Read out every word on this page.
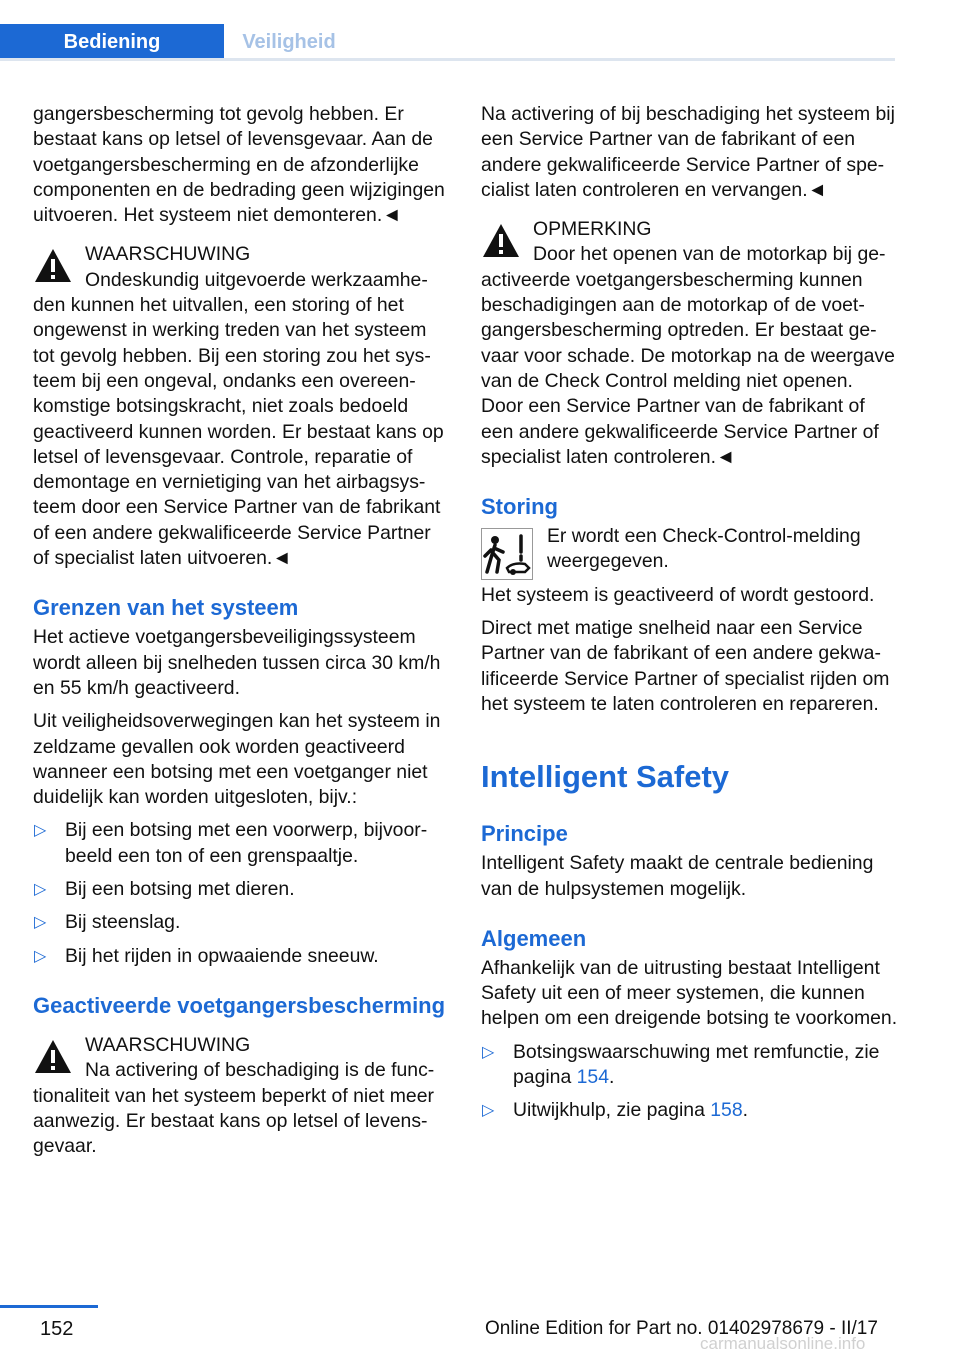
Bediening	Veiligheid

gangersbescherming tot gevolg hebben. Er bestaat kans op letsel of levensgevaar. Aan de voetgangersbescherming en de afzonderlijke componenten en de bedrading geen wijzigingen uitvoeren. Het systeem niet demonteren.◄

WAARSCHUWING
Ondeskundig uitgevoerde werkzaamheden kunnen het uitvallen, een storing of het ongewenst in werking treden van het systeem tot gevolg hebben. Bij een storing zou het systeem bij een ongeval, ondanks een overeenkomstige botsingskracht, niet zoals bedoeld geactiveerd kunnen worden. Er bestaat kans op letsel of levensgevaar. Controle, reparatie of demontage en vernietiging van het airbagsysteem door een Service Partner van de fabrikant of een andere gekwalificeerde Service Partner of specialist laten uitvoeren.◄
Grenzen van het systeem

Het actieve voetgangersbeveiligingssysteem wordt alleen bij snelheden tussen circa 30 km/h en 55 km/h geactiveerd.

Uit veiligheidsoverwegingen kan het systeem in zeldzame gevallen ook worden geactiveerd wanneer een botsing met een voetganger niet duidelijk kan worden uitgesloten, bijv.:

▷ Bij een botsing met een voorwerp, bijvoorbeeld een ton of een grenspaaltje.
▷ Bij een botsing met dieren.
▷ Bij steenslag.
▷ Bij het rijden in opwaaiende sneeuw.
Geactiveerde voetgangersbescherming
WAARSCHUWING
Na activering of beschadiging is de functionaliteit van het systeem beperkt of niet meer aanwezig. Er bestaat kans op letsel of levensgevaar.

Na activering of bij beschadiging het systeem bij een Service Partner van de fabrikant of een andere gekwalificeerde Service Partner of specialist laten controleren en vervangen.◄

OPMERKING
Door het openen van de motorkap bij geactiveerde voetgangersbescherming kunnen beschadigingen aan de motorkap of de voetgangersbescherming optreden. Er bestaat gevaar voor schade. De motorkap na de weergave van de Check Control melding niet openen. Door een Service Partner van de fabrikant of een andere gekwalificeerde Service Partner of specialist laten controleren.◄
Storing
Er wordt een Check-Control-melding weergegeven.
Het systeem is geactiveerd of wordt gestoord.

Direct met matige snelheid naar een Service Partner van de fabrikant of een andere gekwalificeerde Service Partner of specialist rijden om het systeem te laten controleren en repareren.

Intelligent Safety
Principe

Intelligent Safety maakt de centrale bediening van de hulpsystemen mogelijk.

Algemeen

Afhankelijk van de uitrusting bestaat Intelligent Safety uit een of meer systemen, die kunnen helpen om een dreigende botsing te voorkomen.

▷ Botsingswaarschuwing met remfunctie, zie pagina 154.
▷ Uitwijkhulp, zie pagina 158.
152	Online Edition for Part no. 01402978679 - II/17
carmanualsonline.info
